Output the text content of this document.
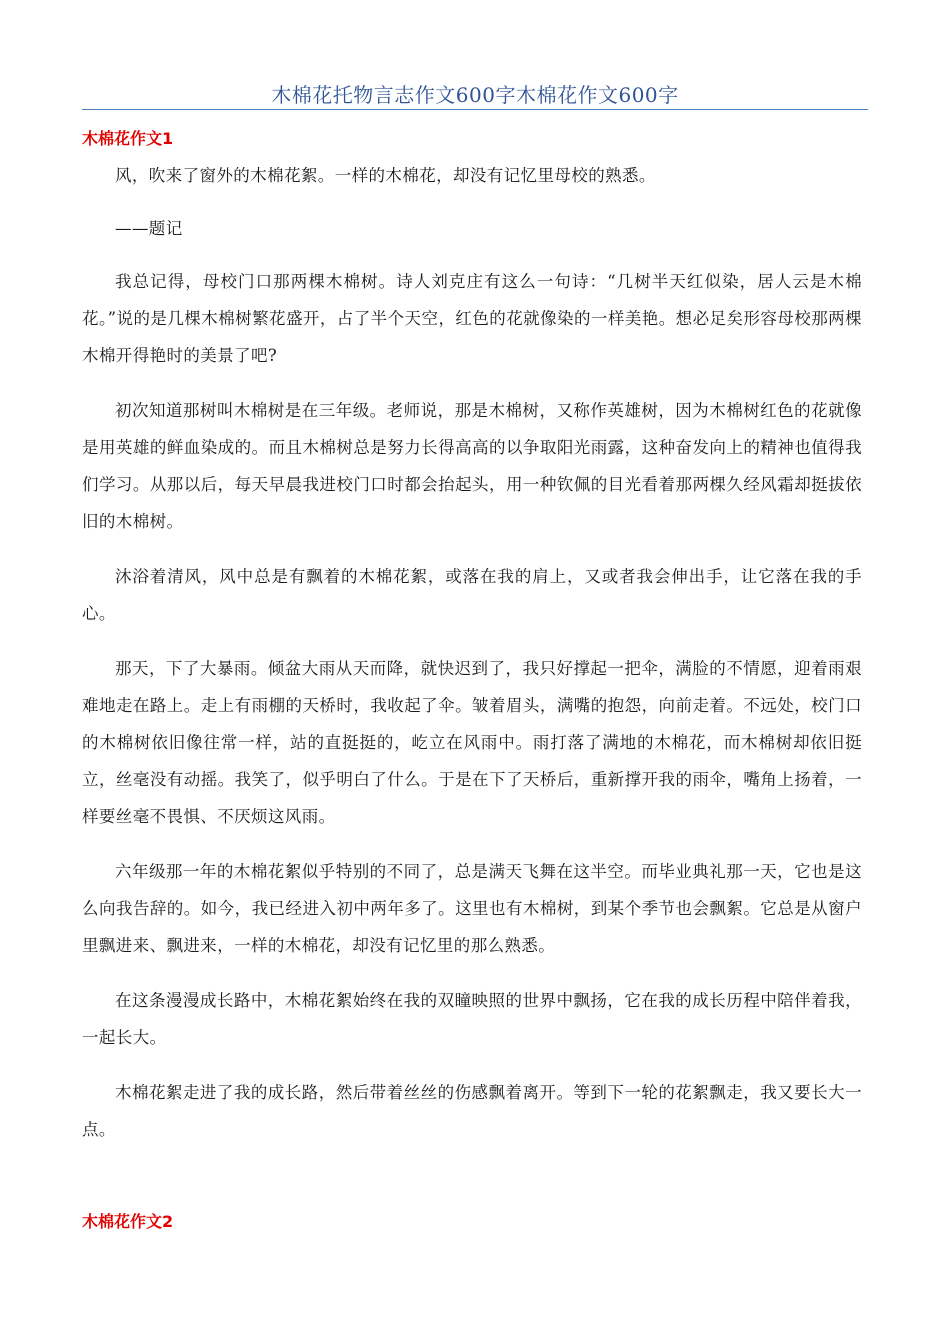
木棉花托物言志作文600字木棉花作文600字
木棉花作文1

风，吹来了窗外的木棉花絮。一样的木棉花，却没有记忆里母校的熟悉。

——题记

我总记得，母校门口那两棵木棉树。诗人刘克庄有这么一句诗：“几树半天红似染，居人云是木棉花。”说的是几棵木棉树繁花盛开，占了半个天空，红色的花就像染的一样美艳。想必足矣形容母校那两棵木棉开得艳时的美景了吧?

初次知道那树叫木棉树是在三年级。老师说，那是木棉树，又称作英雄树，因为木棉树红色的花就像是用英雄的鲜血染成的。而且木棉树总是努力长得高高的以争取阳光雨露，这种奋发向上的精神也值得我们学习。从那以后，每天早晨我进校门口时都会抬起头，用一种钦佩的目光看着那两棵久经风霜却挺拔依旧的木棉树。

沐浴着清风，风中总是有飘着的木棉花絮，或落在我的肩上，又或者我会伸出手，让它落在我的手心。

那天，下了大暴雨。倾盆大雨从天而降，就快迟到了，我只好撑起一把伞，满脸的不情愿，迎着雨艰难地走在路上。走上有雨棚的天桥时，我收起了伞。皱着眉头，满嘴的抱怨，向前走着。不远处，校门口的木棉树依旧像往常一样，站的直挺挺的，屹立在风雨中。雨打落了满地的木棉花，而木棉树却依旧挺立，丝毫没有动摇。我笑了，似乎明白了什么。于是在下了天桥后，重新撑开我的雨伞，嘴角上扬着，一样要丝毫不畏惧、不厌烦这风雨。

六年级那一年的木棉花絮似乎特别的不同了，总是满天飞舞在这半空。而毕业典礼那一天，它也是这么向我告辞的。如今，我已经进入初中两年多了。这里也有木棉树，到某个季节也会飘絮。它总是从窗户里飘进来、飘进来，一样的木棉花，却没有记忆里的那么熟悉。

在这条漫漫成长路中，木棉花絮始终在我的双瞳映照的世界中飘扬，它在我的成长历程中陪伴着我，一起长大。

木棉花絮走进了我的成长路，然后带着丝丝的伤感飘着离开。等到下一轮的花絮飘走，我又要长大一点。

木棉花作文2
